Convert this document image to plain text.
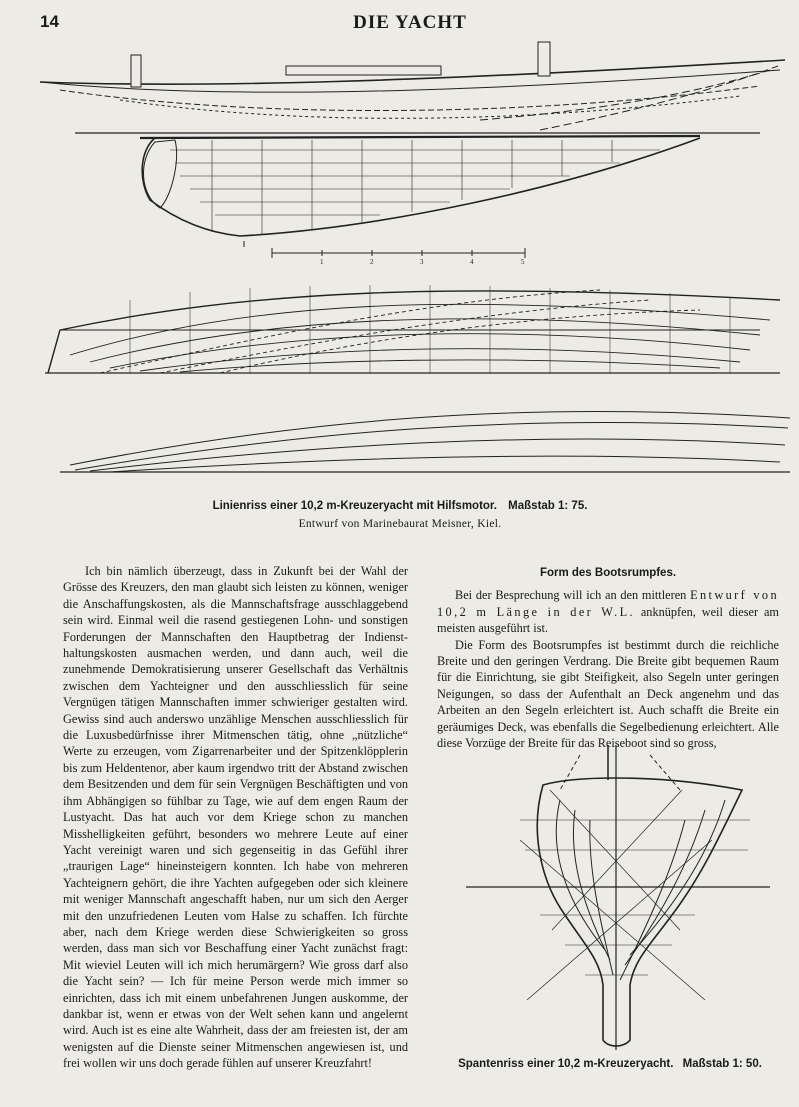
14	DIE YACHT
1	2	3	4	5
Linienriss einer 10,2 m-Kreuzeryacht mit Hilfsmotor. Maßstab 1: 75.
Entwurf von Marinebaurat Meisner, Kiel.

Ich bin nämlich überzeugt, dass in Zukunft bei der Wahl der Grösse des Kreuzers, den man glaubt sich leisten zu können, weniger die Anschaffungskosten, als die Mannschaftsfrage ausschlaggebend sein wird. Einmal weil die rasend gestiegenen Lohn- und sonstigen Forderungen der Mannschaften den Hauptbetrag der Indiensthaltungskosten ausmachen werden, und dann auch, weil die zunehmende Demokratisierung unserer Gesellschaft das Verhältnis zwischen dem Yachteigner und den ausschliesslich für seine Vergnügen tätigen Mannschaften immer schwieriger gestalten wird. Gewiss sind auch anderswo unzählige Menschen ausschliesslich für die Luxusbedürfnisse ihrer Mitmenschen tätig, ohne „nützliche“ Werte zu erzeugen, vom Zigarrenarbeiter und der Spitzenklöpplerin bis zum Heldentenor, aber kaum irgendwo tritt der Abstand zwischen dem Besitzenden und dem für sein Vergnügen Beschäftigten und von ihm Abhängigen so fühlbar zu Tage, wie auf dem engen Raum der Lustyacht. Das hat auch vor dem Kriege schon zu manchen Misshelligkeiten geführt, besonders wo mehrere Leute auf einer Yacht vereinigt waren und sich gegenseitig in das Gefühl ihrer „traurigen Lage“ hineinsteigern konnten. Ich habe von mehreren Yachteignern gehört, die ihre Yachten aufgegeben oder sich kleinere mit weniger Mannschaft angeschafft haben, nur um sich den Aerger mit den unzufriedenen Leuten vom Halse zu schaffen. Ich fürchte aber, nach dem Kriege werden diese Schwierigkeiten so gross werden, dass man sich vor Beschaffung einer Yacht zunächst fragt: Mit wieviel Leuten will ich mich herumärgern? Wie gross darf also die Yacht sein? — Ich für meine Person werde mich immer so einrichten, dass ich mit einem unbefahrenen Jungen auskomme, der dankbar ist, wenn er etwas von der Welt sehen kann und angelernt wird. Auch ist es eine alte Wahrheit, dass der am freiesten ist, der am wenigsten auf die Dienste seiner Mitmenschen angewiesen ist, und frei wollen wir uns doch gerade fühlen auf unserer Kreuzfahrt!

Form des Bootsrumpfes.

Bei der Besprechung will ich an den mittleren Entwurf von 10,2 m Länge in der W.L. anknüpfen, weil dieser am meisten ausgeführt ist.

Die Form des Bootsrumpfes ist bestimmt durch die reichliche Breite und den geringen Verdrang. Die Breite gibt bequemen Raum für die Einrichtung, sie gibt Steifigkeit, also Segeln unter geringen Neigungen, so dass der Aufenthalt an Deck angenehm und das Arbeiten an den Segeln erleichtert ist. Auch schafft die Breite ein geräumiges Deck, was ebenfalls die Segelbedienung erleichtert. Alle diese Vorzüge der Breite für das Reiseboot sind so gross,

Spantenriss einer 10,2 m-Kreuzeryacht. Maßstab 1: 50.
